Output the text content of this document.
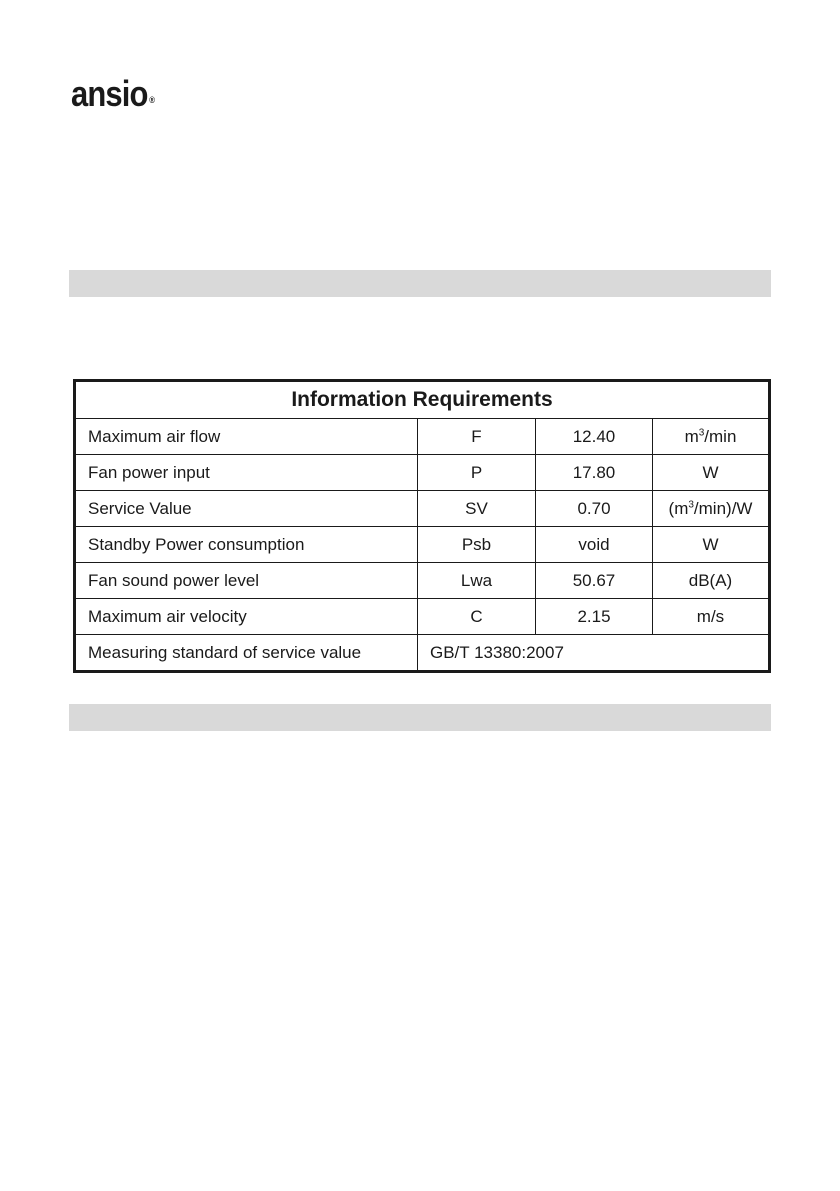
ansio ®
Information Requirements			
Maximum air flow	F	12.40	$m^3/\min$
Fan power input	P	17.80	W
Service Value	SV	0.70	$(m^3/\min)/W$
Standby Power consumption	Psb	void	W
Fan sound power level	Lwa	50.67	dB(A)
Maximum air velocity	C	2.15	m/s
Measuring standard of service value	GB/T 13380:2007		
